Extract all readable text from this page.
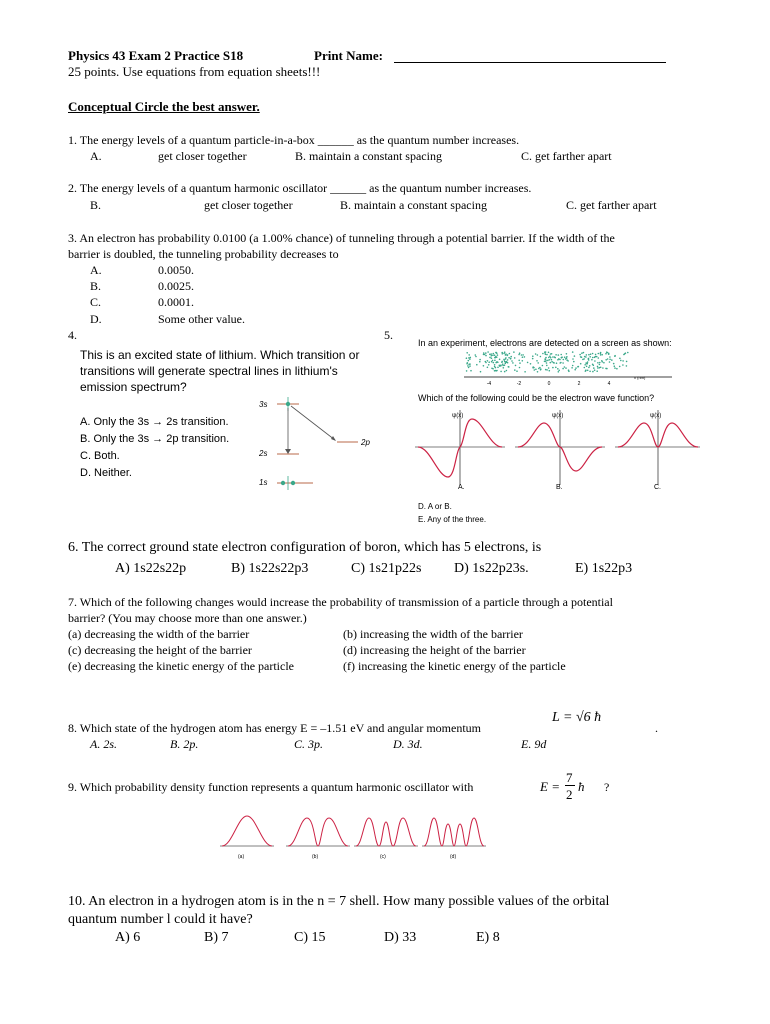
Physics 43 Exam 2 Practice S18	Print Name:
25 points. Use equations from equation sheets!!!
Conceptual Circle the best answer.
1. The energy levels of a quantum particle-in-a-box ______ as the quantum number increases.
A.	get closer together	B. maintain a constant spacing	C. get farther apart
2. The energy levels of a quantum harmonic oscillator ______ as the quantum number increases.
B.	get closer together	B. maintain a constant spacing	C. get farther apart
3. An electron has probability 0.0100 (a 1.00% chance) of tunneling through a potential barrier. If the width of the
barrier is doubled, the tunneling probability decreases to
A.	0.0050.
B.	0.0025.
C.	0.0001.
D.	Some other value.
4.
This is an excited state of lithium. Which transition or
transitions will generate spectral lines in lithium's
emission spectrum?
A. Only the 3s → 2s transition.
B. Only the 3s → 2p transition.
C. Both.
D. Neither.
3s
2p
2s
1s
5.
In an experiment, electrons are detected on a screen as shown:
-4	-2	0	2	4
x (nm)
Which of the following could be the electron wave function?
ψ(x)
A.
ψ(x)
B.
ψ(x)
C.
D. A or B.
E. Any of the three.
6. The correct ground state electron configuration of boron, which has 5 electrons, is
A) 1s22s22p	B) 1s22s22p3	C) 1s21p22s D) 1s22p23s.	E) 1s22p3
7. Which of the following changes would increase the probability of transmission of a particle through a potential
barrier? (You may choose more than one answer.)
(a) decreasing the width of the barrier	(b) increasing the width of the barrier
(c) decreasing the height of the barrier	(d) increasing the height of the barrier
(e) decreasing the kinetic energy of the particle	(f) increasing the kinetic energy of the particle
8. Which state of the hydrogen atom has energy E = –1.51 eV and angular momentum
L = √6 ħ
.
A. 2s.	B. 2p.	C. 3p.	D. 3d.	E. 9d
9. Which probability density function represents a quantum harmonic oscillator with	E =
7
2
ħ ?
(a)	(b)	(c)	(d)
10. An electron in a hydrogen atom is in the n = 7 shell. How many possible values of the orbital
quantum number l could it have?
A) 6	B) 7	C) 15	D) 33	E) 8
